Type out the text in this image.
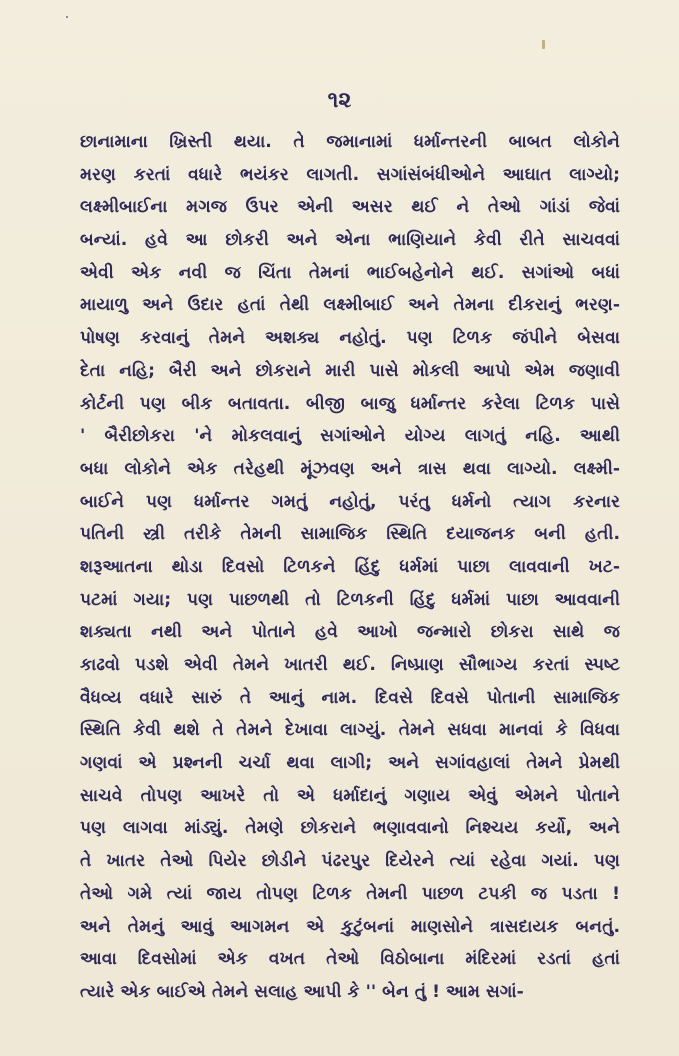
૧૨
છાનામાના ખ્રિસ્તી થયા. તે જમાનામાં ધર્માન્તરની બાબત લોકોને
મરણ કરતાં વધારે ભયંકર લાગતી. સગાંસંબંધીઓને આઘાત લાગ્યો;
લક્ષ્મીબાઈના મગજ ઉપર એની અસર થઈ ને તેઓ ગાંડાં જેવાં
બન્યાં. હવે આ છોકરી અને એના ભાણિયાને કેવી રીતે સાચવવાં
એવી એક નવી જ ચિંતા તેમનાં ભાઈબહેનોને થઈ. સગાંઓ બધાં
માયાળુ અને ઉદાર હતાં તેથી લક્ષ્મીબાઈ અને તેમના દીકરાનું ભરણ-
પોષણ કરવાનું તેમને અશક્ય નહોતું. પણ ટિળક જંપીને બેસવા
દેતા નહિ; બૈરી અને છોકરાને મારી પાસે મોકલી આપો એમ જણાવી
કોર્ટની પણ બીક બતાવતા. બીજી બાજુ ધર્માન્તર કરેલા ટિળક પાસે
' બૈરીછોકરા 'ને મોકલવાનું સગાંઓને યોગ્ય લાગતું નહિ. આથી
બધા લોકોને એક તરેહથી મૂંઝવણ અને ત્રાસ થવા લાગ્યો. લક્ષ્મી-
બાઈને પણ ધર્માન્તર ગમતું નહોતું, પરંતુ ધર્મનો ત્યાગ કરનાર
પતિની સ્ત્રી તરીકે તેમની સામાજિક સ્થિતિ દયાજનક બની હતી.
શરૂઆતના થોડા દિવસો ટિળકને હિંદુ ધર્મમાં પાછા લાવવાની ખટ-
પટમાં ગયા; પણ પાછળથી તો ટિળકની હિંદુ ધર્મમાં પાછા આવવાની
શક્યતા નથી અને પોતાને હવે આખો જન્મારો છોકરા સાથે જ
કાઢવો પડશે એવી તેમને ખાતરી થઈ. નિષ્પ્રાણ સૌભાગ્ય કરતાં સ્પષ્ટ
વૈધવ્ય વધારે સારું તે આનું નામ. દિવસે દિવસે પોતાની સામાજિક
સ્થિતિ કેવી થશે તે તેમને દેખાવા લાગ્યું. તેમને સધવા માનવાં કે વિધવા
ગણવાં એ પ્રશ્નની ચર્ચા થવા લાગી; અને સગાંવહાલાં તેમને પ્રેમથી
સાચવે તોપણ આખરે તો એ ધર્માદાનું ગણાય એવું એમને પોતાને
પણ લાગવા માંડ્યું. તેમણે છોકરાને ભણાવવાનો નિશ્ચય કર્યો, અને
તે ખાતર તેઓ પિયેર છોડીને પંઢરપુર દિયેરને ત્યાં રહેવા ગયાં. પણ
તેઓ ગમે ત્યાં જાય તોપણ ટિળક તેમની પાછળ ટપકી જ પડતા !
અને તેમનું આવું આગમન એ કુટુંબનાં માણસોને ત્રાસદાયક બનતું.
આવા દિવસોમાં એક વખત તેઓ વિઠોબાના મંદિરમાં રડતાં હતાં
ત્યારે એક બાઈએ તેમને સલાહ આપી કે '' બેન તું ! આમ સગાં-
